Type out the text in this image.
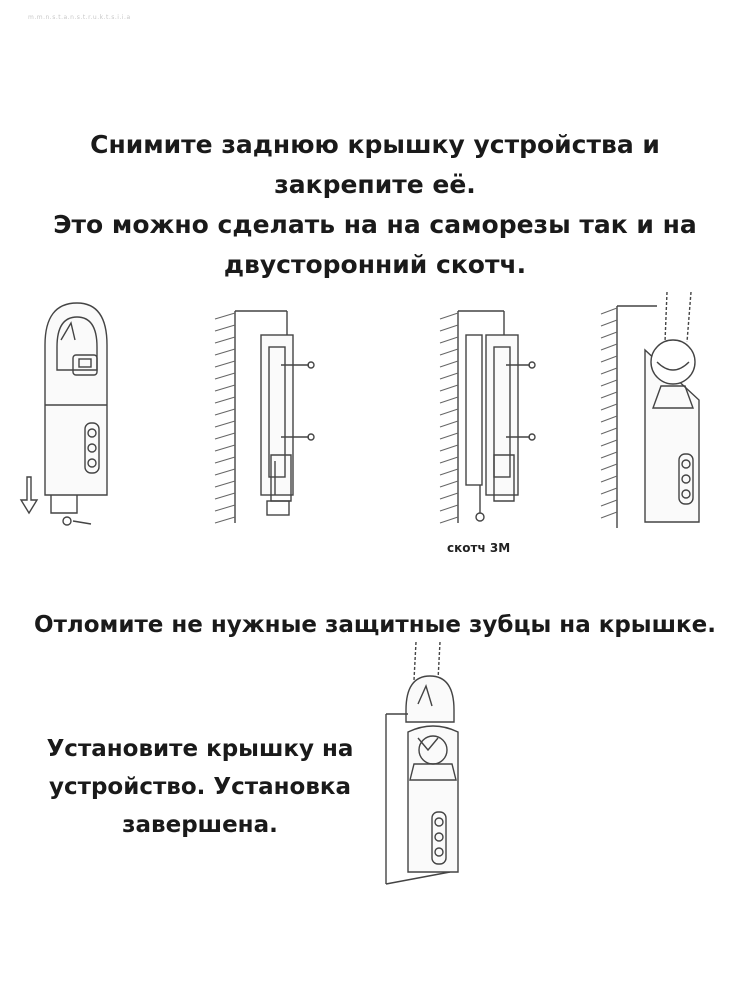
m.m.n.s.t.a.n.s.t.r.u.k.t.s.i.i.a
Снимите заднюю крышку устройства и
закрепите её.
Это можно сделать на на саморезы так и на
двусторонний скотч.
скотч 3М
Отломите не нужные защитные зубцы на крышке.
Установите крышку на
устройство. Установка
завершена.
